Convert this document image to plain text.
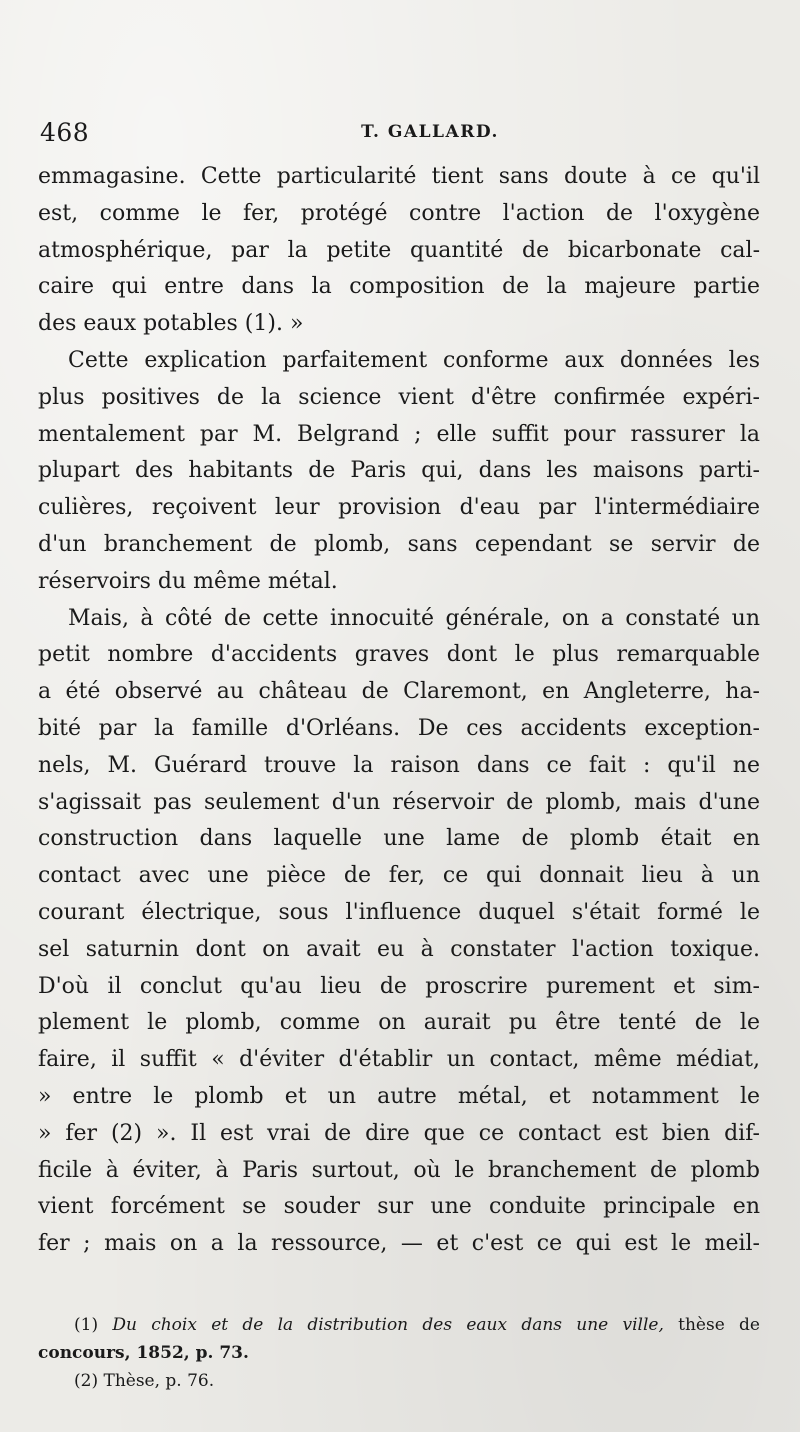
468	T. GALLARD.
emmagasine. Cette particularité tient sans doute à ce qu'il
est, comme le fer, protégé contre l'action de l'oxygène
atmosphérique, par la petite quantité de bicarbonate cal-
caire qui entre dans la composition de la majeure partie
des eaux potables (1). »
Cette explication parfaitement conforme aux données les
plus positives de la science vient d'être confirmée expéri-
mentalement par M. Belgrand ; elle suffit pour rassurer la
plupart des habitants de Paris qui, dans les maisons parti-
culières, reçoivent leur provision d'eau par l'intermédiaire
d'un branchement de plomb, sans cependant se servir de
réservoirs du même métal.
Mais, à côté de cette innocuité générale, on a constaté un
petit nombre d'accidents graves dont le plus remarquable
a été observé au château de Claremont, en Angleterre, ha-
bité par la famille d'Orléans. De ces accidents exception-
nels, M. Guérard trouve la raison dans ce fait : qu'il ne
s'agissait pas seulement d'un réservoir de plomb, mais d'une
construction dans laquelle une lame de plomb était en
contact avec une pièce de fer, ce qui donnait lieu à un
courant électrique, sous l'influence duquel s'était formé le
sel saturnin dont on avait eu à constater l'action toxique.
D'où il conclut qu'au lieu de proscrire purement et sim-
plement le plomb, comme on aurait pu être tenté de le
faire, il suffit « d'éviter d'établir un contact, même médiat,
» entre le plomb et un autre métal, et notamment le
» fer (2) ». Il est vrai de dire que ce contact est bien dif-
ficile à éviter, à Paris surtout, où le branchement de plomb
vient forcément se souder sur une conduite principale en
fer ; mais on a la ressource, — et c'est ce qui est le meil-
(1) Du choix et de la distribution des eaux dans une ville, thèse de
concours, 1852, p. 73.
(2) Thèse, p. 76.
